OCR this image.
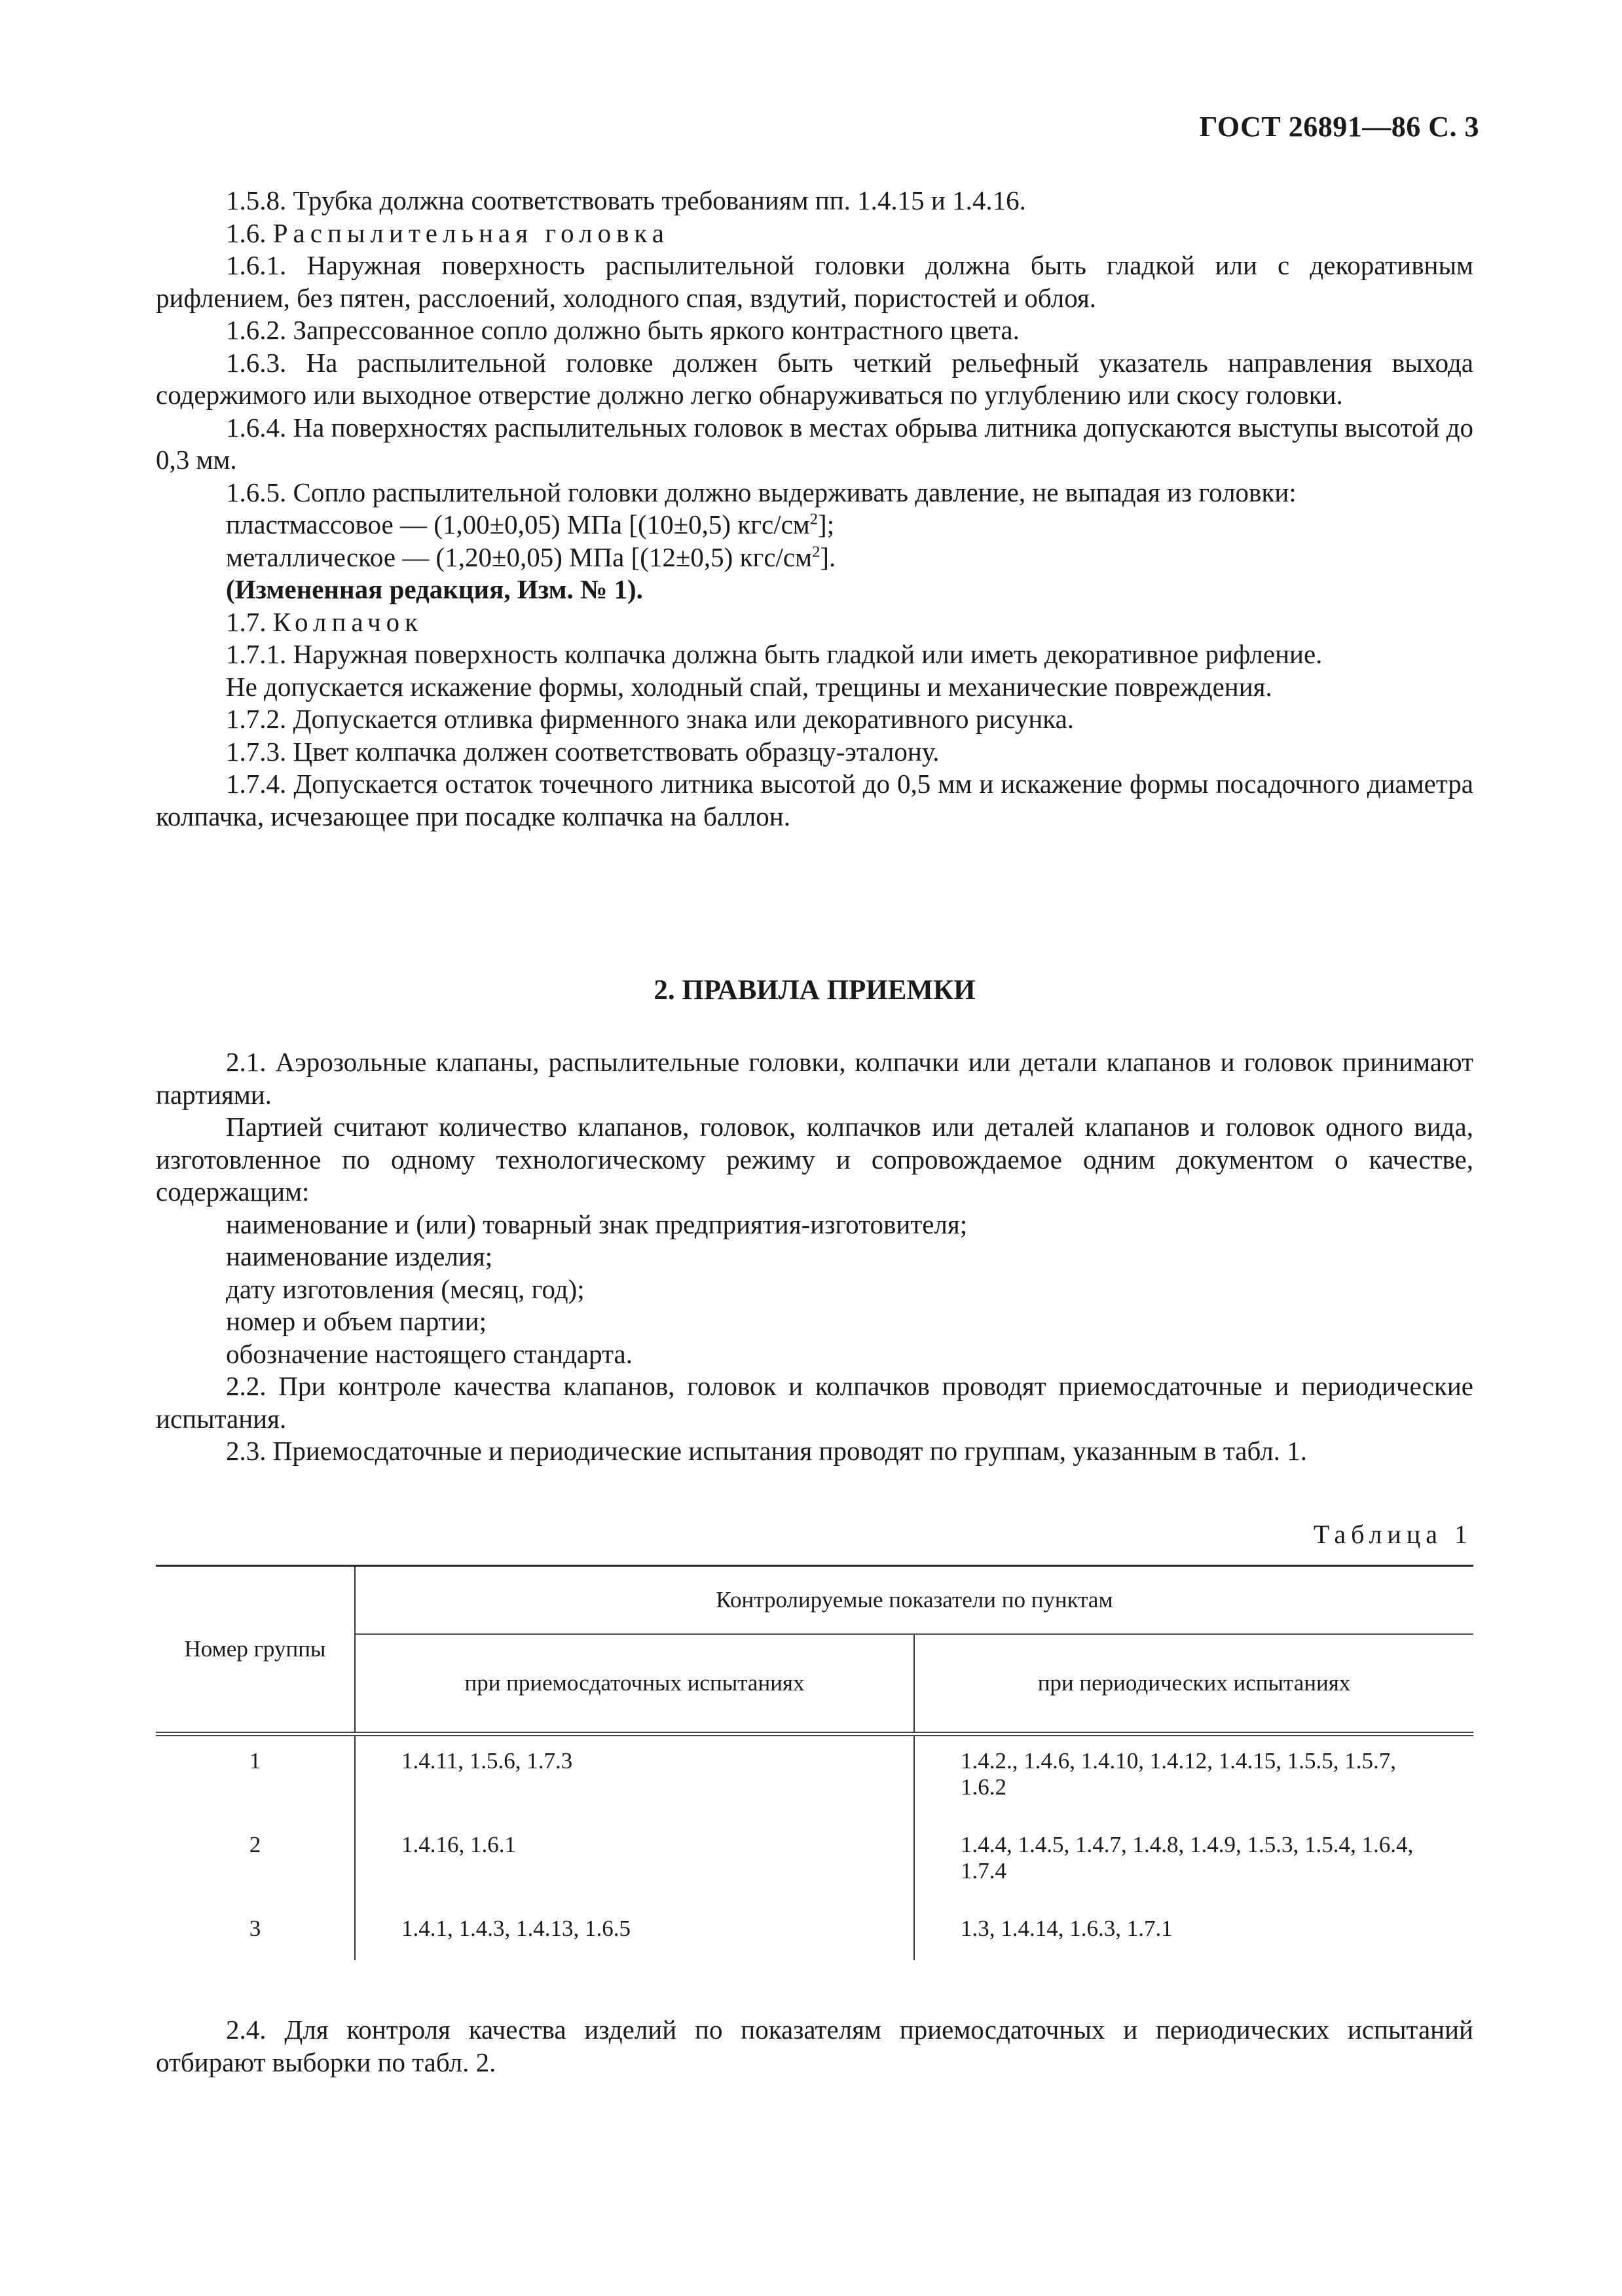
ГОСТ 26891—86 С. 3

1.5.8. Трубка должна соответствовать требованиям пп. 1.4.15 и 1.4.16.

1.6. Распылительная головка

1.6.1. Наружная поверхность распылительной головки должна быть гладкой или с декоративным рифлением, без пятен, расслоений, холодного спая, вздутий, пористостей и облоя.

1.6.2. Запрессованное сопло должно быть яркого контрастного цвета.

1.6.3. На распылительной головке должен быть четкий рельефный указатель направления выхода содержимого или выходное отверстие должно легко обнаруживаться по углублению или скосу головки.

1.6.4. На поверхностях распылительных головок в местах обрыва литника допускаются выступы высотой до 0,3 мм.

1.6.5. Сопло распылительной головки должно выдерживать давление, не выпадая из головки:

пластмассовое — (1,00±0,05) МПа [(10±0,5) кгс/$см^2$];

металлическое — (1,20±0,05) МПа [(12±0,5) кгс/$см^2$].

(Измененная редакция, Изм. № 1).

1.7. Колпачок

1.7.1. Наружная поверхность колпачка должна быть гладкой или иметь декоративное рифление.

Не допускается искажение формы, холодный спай, трещины и механические повреждения.

1.7.2. Допускается отливка фирменного знака или декоративного рисунка.

1.7.3. Цвет колпачка должен соответствовать образцу-эталону.

1.7.4. Допускается остаток точечного литника высотой до 0,5 мм и искажение формы посадочного диаметра колпачка, исчезающее при посадке колпачка на баллон.

2. ПРАВИЛА ПРИЕМКИ

2.1. Аэрозольные клапаны, распылительные головки, колпачки или детали клапанов и головок принимают партиями.

Партией считают количество клапанов, головок, колпачков или деталей клапанов и головок одного вида, изготовленное по одному технологическому режиму и сопровождаемое одним документом о качестве, содержащим:

наименование и (или) товарный знак предприятия-изготовителя;

наименование изделия;

дату изготовления (месяц, год);

номер и объем партии;

обозначение настоящего стандарта.

2.2. При контроле качества клапанов, головок и колпачков проводят приемосдаточные и периодические испытания.

2.3. Приемосдаточные и периодические испытания проводят по группам, указанным в табл. 1.

Таблица 1
Номер группы	Контролируемые показатели по пунктам	
	при приемосдаточных испытаниях	при периодических испытаниях

1	1.4.11, 1.5.6, 1.7.3	1.4.2., 1.4.6, 1.4.10, 1.4.12, 1.4.15, 1.5.5, 1.5.7, 1.6.2
2	1.4.16, 1.6.1	1.4.4, 1.4.5, 1.4.7, 1.4.8, 1.4.9, 1.5.3, 1.5.4, 1.6.4, 1.7.4
3	1.4.1, 1.4.3, 1.4.13, 1.6.5	1.3, 1.4.14, 1.6.3, 1.7.1

2.4. Для контроля качества изделий по показателям приемосдаточных и периодических испытаний отбирают выборки по табл. 2.
